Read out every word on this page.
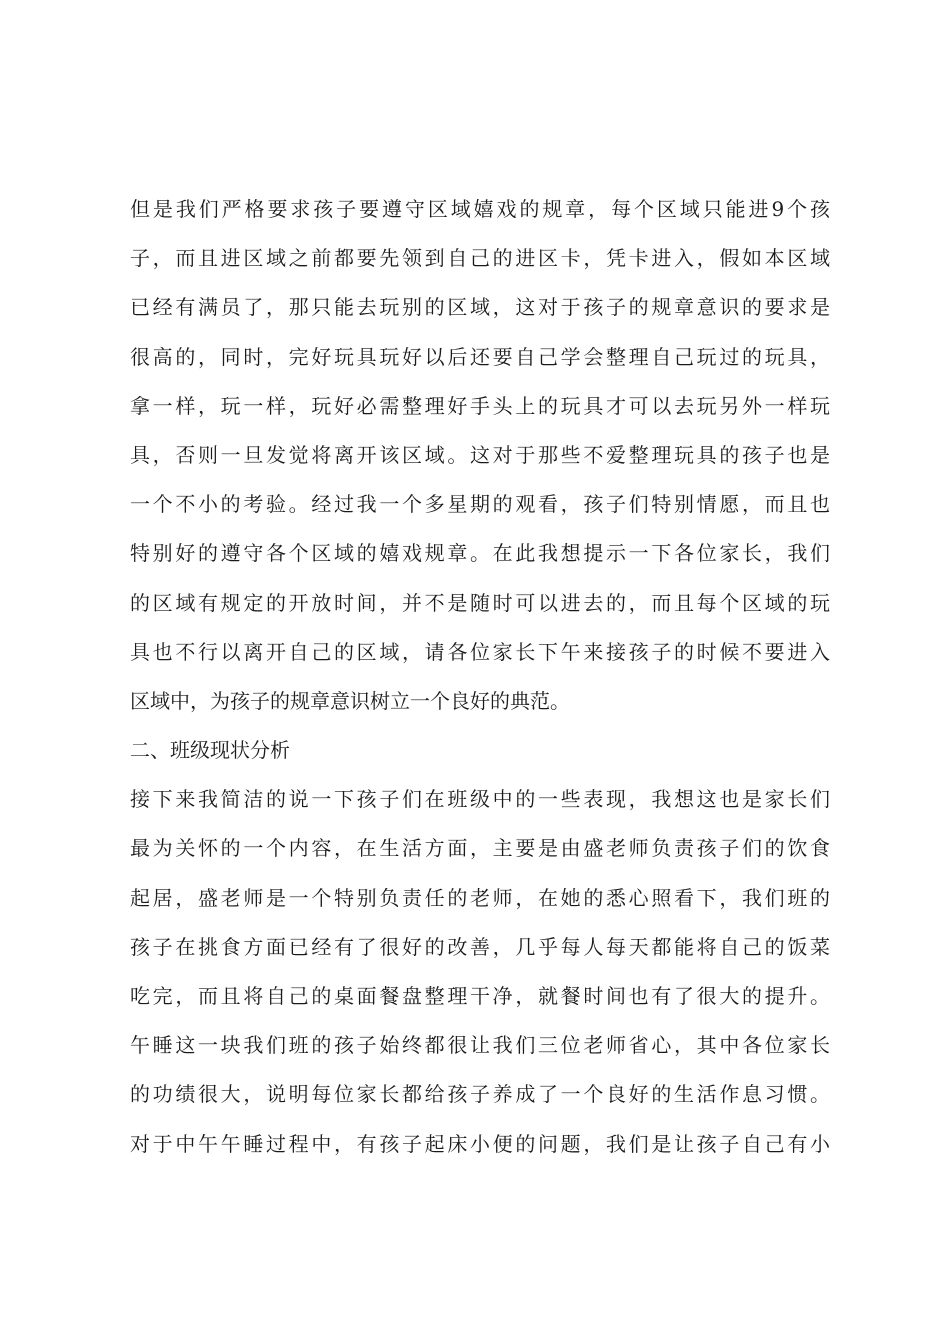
但是我们严格要求孩子要遵守区域嬉戏的规章，每个区域只能进9个孩
子，而且进区域之前都要先领到自己的进区卡，凭卡进入，假如本区域
已经有满员了，那只能去玩别的区域，这对于孩子的规章意识的要求是
很高的，同时，完好玩具玩好以后还要自己学会整理自己玩过的玩具，
拿一样，玩一样，玩好必需整理好手头上的玩具才可以去玩另外一样玩
具，否则一旦发觉将离开该区域。这对于那些不爱整理玩具的孩子也是
一个不小的考验。经过我一个多星期的观看，孩子们特别情愿，而且也
特别好的遵守各个区域的嬉戏规章。在此我想提示一下各位家长，我们
的区域有规定的开放时间，并不是随时可以进去的，而且每个区域的玩
具也不行以离开自己的区域，请各位家长下午来接孩子的时候不要进入
区域中，为孩子的规章意识树立一个良好的典范。
二、班级现状分析
接下来我简洁的说一下孩子们在班级中的一些表现，我想这也是家长们
最为关怀的一个内容，在生活方面，主要是由盛老师负责孩子们的饮食
起居，盛老师是一个特别负责任的老师，在她的悉心照看下，我们班的
孩子在挑食方面已经有了很好的改善，几乎每人每天都能将自己的饭菜
吃完，而且将自己的桌面餐盘整理干净，就餐时间也有了很大的提升。
午睡这一块我们班的孩子始终都很让我们三位老师省心，其中各位家长
的功绩很大，说明每位家长都给孩子养成了一个良好的生活作息习惯。
对于中午午睡过程中，有孩子起床小便的问题，我们是让孩子自己有小
